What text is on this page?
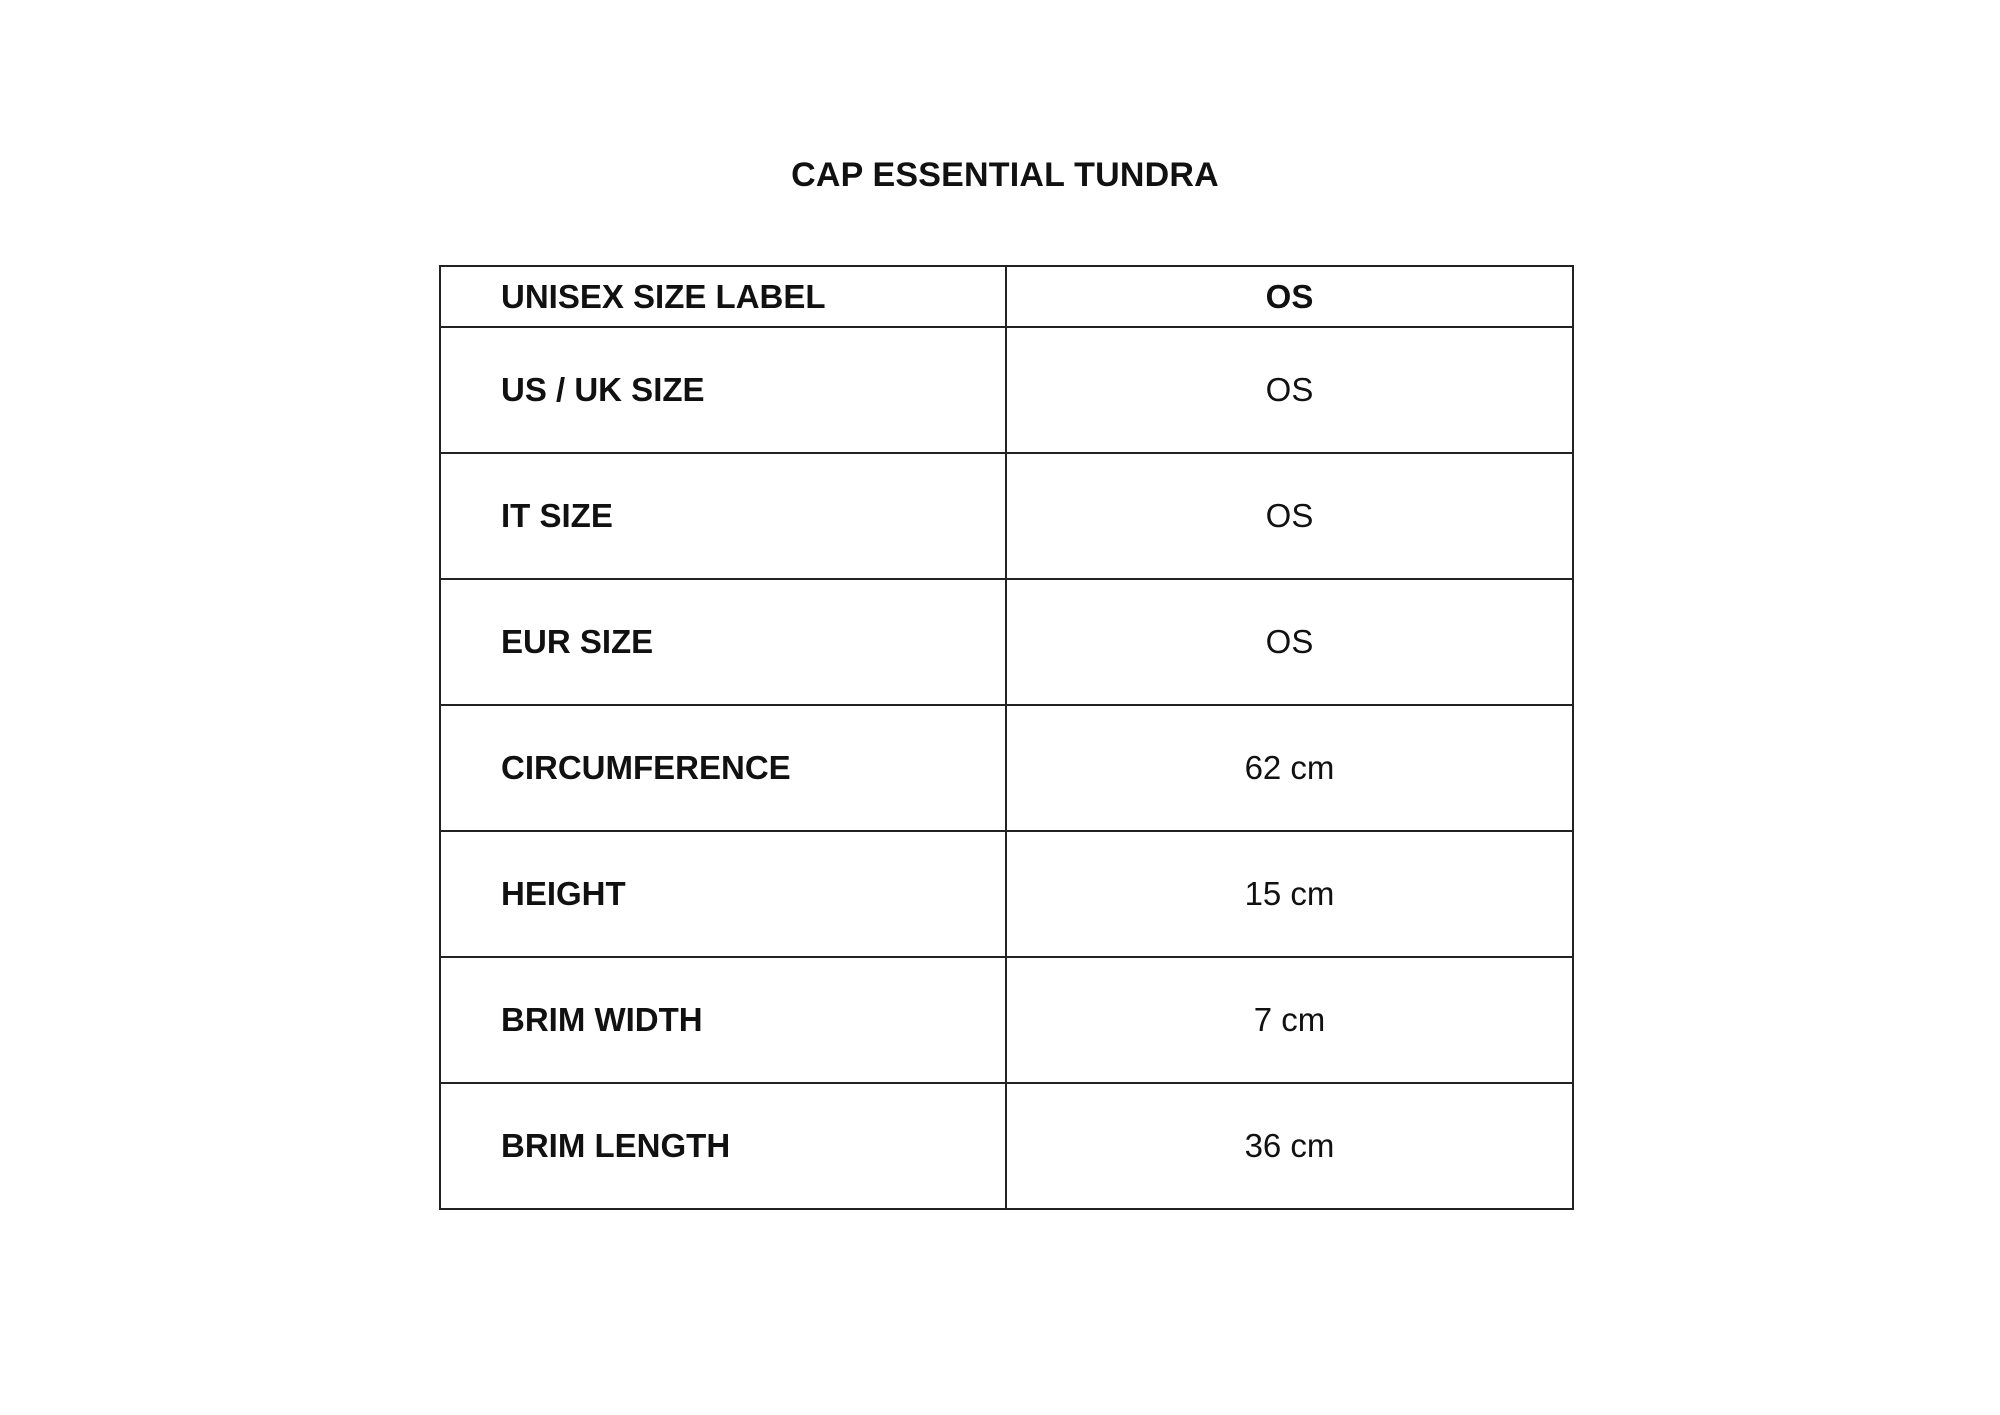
CAP ESSENTIAL TUNDRA
UNISEX SIZE LABEL	OS
US / UK SIZE	OS
IT SIZE	OS
EUR SIZE	OS
CIRCUMFERENCE	62 cm
HEIGHT	15 cm
BRIM WIDTH	7 cm
BRIM LENGTH	36 cm
